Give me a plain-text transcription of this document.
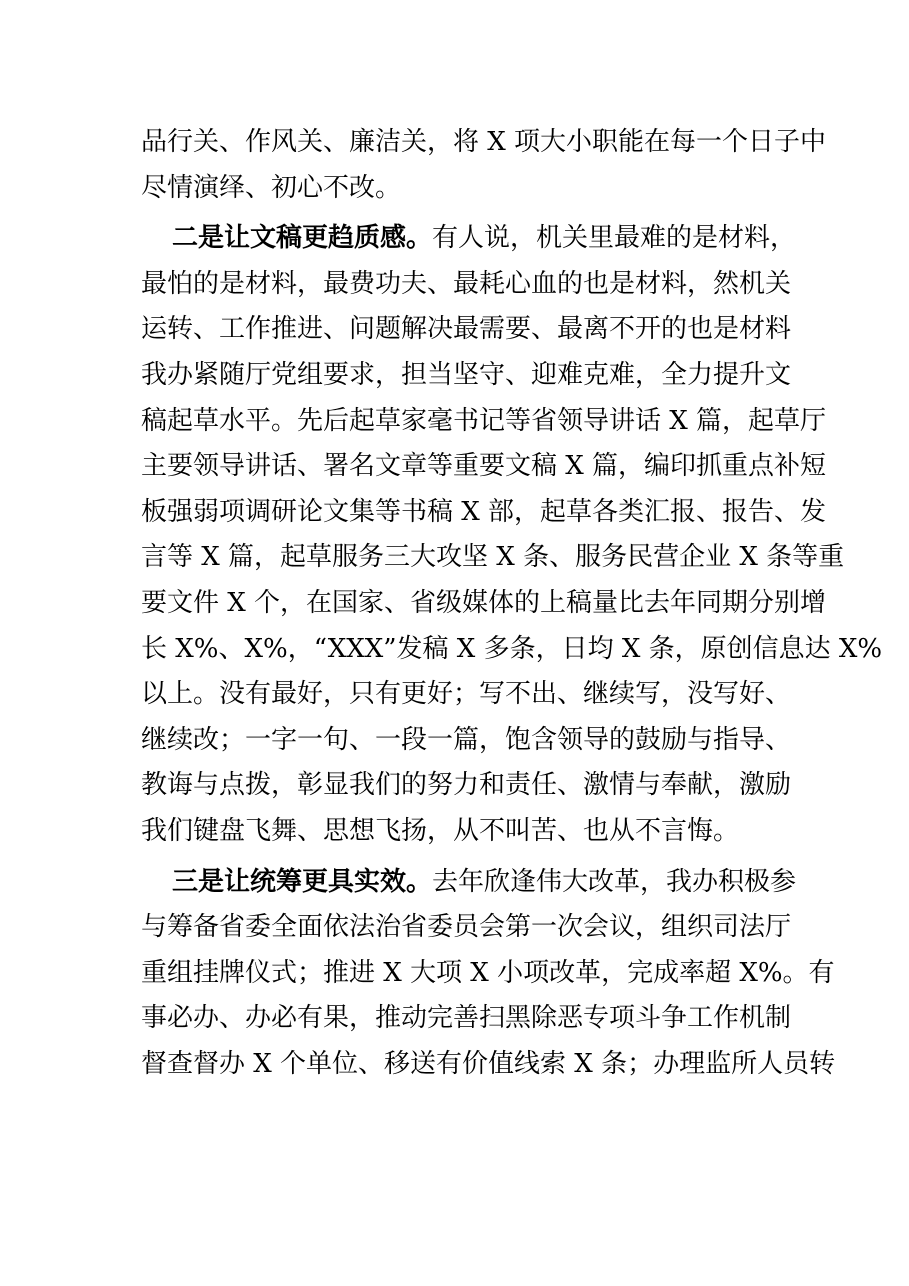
品行关、作风关、廉洁关，将 X 项大小职能在每一个日子中
尽情演绎、初心不改。
二是让文稿更趋质感。有人说，机关里最难的是材料，
最怕的是材料，最费功夫、最耗心血的也是材料，然机关
运转、工作推进、问题解决最需要、最离不开的也是材料
我办紧随厅党组要求，担当坚守、迎难克难，全力提升文
稿起草水平。先后起草家毫书记等省领导讲话 X 篇，起草厅
主要领导讲话、署名文章等重要文稿 X 篇，编印抓重点补短
板强弱项调研论文集等书稿 X 部，起草各类汇报、报告、发
言等 X 篇，起草服务三大攻坚 X 条、服务民营企业 X 条等重
要文件 X 个，在国家、省级媒体的上稿量比去年同期分别增
长 X%、X%，“XXX”发稿 X 多条，日均 X 条，原创信息达 X%
以上。没有最好，只有更好；写不出、继续写，没写好、
继续改；一字一句、一段一篇，饱含领导的鼓励与指导、
教诲与点拨，彰显我们的努力和责任、激情与奉献，激励
我们键盘飞舞、思想飞扬，从不叫苦、也从不言悔。
三是让统筹更具实效。去年欣逢伟大改革，我办积极参
与筹备省委全面依法治省委员会第一次会议，组织司法厅
重组挂牌仪式；推进 X 大项 X 小项改革，完成率超 X%。有
事必办、办必有果，推动完善扫黑除恶专项斗争工作机制
督查督办 X 个单位、移送有价值线索 X 条；办理监所人员转
